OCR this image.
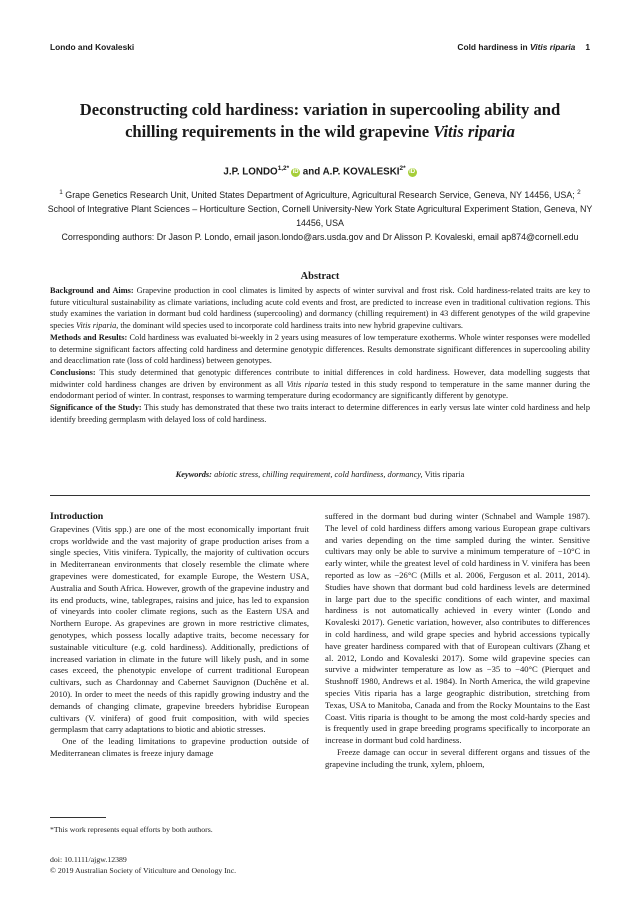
Londo and Kovaleski	Cold hardiness in Vitis riparia 1
Deconstructing cold hardiness: variation in supercooling ability and
chilling requirements in the wild grapevine Vitis riparia
J.P. $LONDO^{1,2*}iD$ and A.P. $KOVALESKI^{2*}iD$
$^1$ Grape Genetics Research Unit, United States Department of Agriculture, Agricultural Research Service, Geneva, NY 14456, USA; $^2$ School of Integrative Plant Sciences – Horticulture Section, Cornell University-New York State Agricultural Experiment Station, Geneva, NY 14456, USA
Corresponding authors: Dr Jason P. Londo, email jason.londo@ars.usda.gov and Dr Alisson P. Kovaleski, email ap874@cornell.edu
Abstract

Background and Aims: Grapevine production in cool climates is limited by aspects of winter survival and frost risk. Cold hardiness-related traits are key to future viticultural sustainability as climate variations, including acute cold events and frost, are predicted to increase even in traditional cultivation regions. This study examines the variation in dormant bud cold hardiness (supercooling) and dormancy (chilling requirement) in 43 different genotypes of the wild grapevine species Vitis riparia, the dominant wild species used to incorporate cold hardiness traits into new hybrid grapevine cultivars.

Methods and Results: Cold hardiness was evaluated bi-weekly in 2 years using measures of low temperature exotherms. Whole winter responses were modelled to determine significant factors affecting cold hardiness and determine genotypic differences. Results demonstrate significant differences in supercooling ability and deacclimation rate (loss of cold hardiness) between genotypes.

Conclusions: This study determined that genotypic differences contribute to initial differences in cold hardiness. However, data modelling suggests that midwinter cold hardiness changes are driven by environment as all Vitis riparia tested in this study respond to temperature in the same manner during the endodormant period of winter. In contrast, responses to warming temperature during ecodormancy are significantly different by genotype.

Significance of the Study: This study has demonstrated that these two traits interact to determine differences in early versus late winter cold hardiness and help identify breeding germplasm with delayed loss of cold hardiness.

Keywords: abiotic stress, chilling requirement, cold hardiness, dormancy, Vitis riparia
Introduction

Grapevines (Vitis spp.) are one of the most economically important fruit crops worldwide and the vast majority of grape production arises from a single species, Vitis vinifera. Typically, the majority of cultivation occurs in Mediterranean environments that closely resemble the climate where grapevines were domesticated, for example Europe, the Western USA, Australia and South Africa. However, growth of the grapevine industry and its end products, wine, tablegrapes, raisins and juice, has led to expansion of vineyards into cooler climate regions, such as the Eastern USA and Northern Europe. As grapevines are grown in more restrictive climates, genotypes, which possess locally adaptive traits, become necessary for sustainable viticulture (e.g. cold hardiness). Additionally, predictions of increased variation in climate in the future will likely push, and in some cases exceed, the phenotypic envelope of current traditional European cultivars, such as Chardonnay and Cabernet Sauvignon (Duchêne et al. 2010). In order to meet the needs of this rapidly growing industry and the demands of changing climate, grapevine breeders hybridise European cultivars (V. vinifera) of good fruit composition, with wild species germplasm that carry adaptations to biotic and abiotic stresses.

One of the leading limitations to grapevine production outside of Mediterranean climates is freeze injury damage

suffered in the dormant bud during winter (Schnabel and Wample 1987). The level of cold hardiness differs among various European grape cultivars and varies depending on the time sampled during the winter. Sensitive cultivars may only be able to survive a minimum temperature of −10°C in early winter, while the greatest level of cold hardiness in V. vinifera has been reported as low as −26°C (Mills et al. 2006, Ferguson et al. 2011, 2014). Studies have shown that dormant bud cold hardiness levels are determined in large part due to the specific conditions of each winter, and maximal hardiness is not automatically achieved in every winter (Londo and Kovaleski 2017). Genetic variation, however, also contributes to differences in cold hardiness, and wild grape species and hybrid accessions typically have greater hardiness compared with that of European cultivars (Zhang et al. 2012, Londo and Kovaleski 2017). Some wild grapevine species can survive a midwinter temperature as low as −35 to −40°C (Pierquet and Stushnoff 1980, Andrews et al. 1984). In North America, the wild grapevine species Vitis riparia has a large geographic distribution, stretching from Texas, USA to Manitoba, Canada and from the Rocky Mountains to the East Coast. Vitis riparia is thought to be among the most cold-hardy species and is frequently used in grape breeding programs specifically to incorporate an increase in dormant bud cold hardiness.

Freeze damage can occur in several different organs and tissues of the grapevine including the trunk, xylem, phloem,

*This work represents equal efforts by both authors.
doi: 10.1111/ajgw.12389
© 2019 Australian Society of Viticulture and Oenology Inc.
